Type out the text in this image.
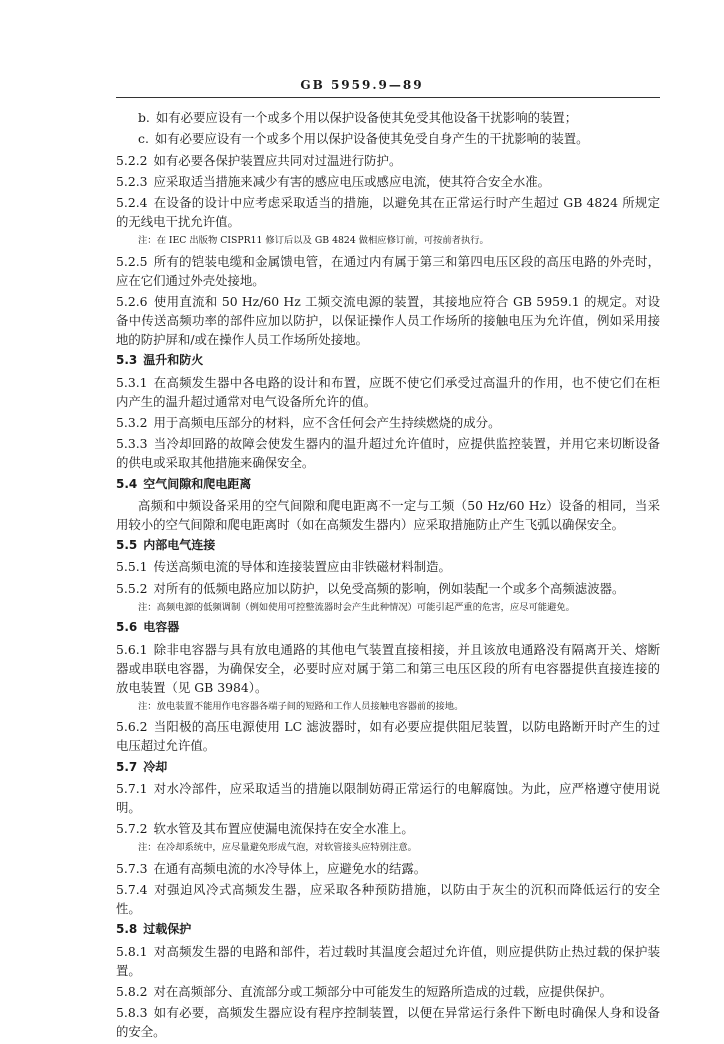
GB 5959.9—89

b. 如有必要应设有一个或多个用以保护设备使其免受其他设备干扰影响的装置；

c. 如有必要应设有一个或多个用以保护设备使其免受自身产生的干扰影响的装置。

5.2.2 如有必要各保护装置应共同对过温进行防护。

5.2.3 应采取适当措施来减少有害的感应电压或感应电流，使其符合安全水准。

5.2.4 在设备的设计中应考虑采取适当的措施，以避免其在正常运行时产生超过 GB 4824 所规定的无线电干扰允许值。

注：在 IEC 出版物 CISPR11 修订后以及 GB 4824 做相应修订前，可按前者执行。

5.2.5 所有的铠装电缆和金属馈电管，在通过内有属于第三和第四电压区段的高压电路的外壳时，应在它们通过外壳处接地。

5.2.6 使用直流和 50 Hz/60 Hz 工频交流电源的装置，其接地应符合 GB 5959.1 的规定。对设备中传送高频功率的部件应加以防护，以保证操作人员工作场所的接触电压为允许值，例如采用接地的防护屏和/或在操作人员工作场所处接地。

5.3 温升和防火

5.3.1 在高频发生器中各电路的设计和布置，应既不使它们承受过高温升的作用，也不使它们在柜内产生的温升超过通常对电气设备所允许的值。

5.3.2 用于高频电压部分的材料，应不含任何会产生持续燃烧的成分。

5.3.3 当冷却回路的故障会使发生器内的温升超过允许值时，应提供监控装置，并用它来切断设备的供电或采取其他措施来确保安全。

5.4 空气间隙和爬电距离

高频和中频设备采用的空气间隙和爬电距离不一定与工频（50 Hz/60 Hz）设备的相同，当采用较小的空气间隙和爬电距离时（如在高频发生器内）应采取措施防止产生飞弧以确保安全。

5.5 内部电气连接

5.5.1 传送高频电流的导体和连接装置应由非铁磁材料制造。

5.5.2 对所有的低频电路应加以防护，以免受高频的影响，例如装配一个或多个高频滤波器。

注：高频电源的低频调制（例如使用可控整流器时会产生此种情况）可能引起严重的危害，应尽可能避免。

5.6 电容器

5.6.1 除非电容器与具有放电通路的其他电气装置直接相接，并且该放电通路没有隔离开关、熔断器或串联电容器，为确保安全，必要时应对属于第二和第三电压区段的所有电容器提供直接连接的放电装置（见 GB 3984）。

注：放电装置不能用作电容器各端子间的短路和工作人员接触电容器前的接地。

5.6.2 当阳极的高压电源使用 LC 滤波器时，如有必要应提供阻尼装置，以防电路断开时产生的过电压超过允许值。

5.7 冷却

5.7.1 对水冷部件，应采取适当的措施以限制妨碍正常运行的电解腐蚀。为此，应严格遵守使用说明。

5.7.2 软水管及其布置应使漏电流保持在安全水准上。

注：在冷却系统中，应尽量避免形成气泡，对软管接头应特别注意。

5.7.3 在通有高频电流的水冷导体上，应避免水的结露。

5.7.4 对强迫风冷式高频发生器，应采取各种预防措施，以防由于灰尘的沉积而降低运行的安全性。

5.8 过载保护

5.8.1 对高频发生器的电路和部件，若过载时其温度会超过允许值，则应提供防止热过载的保护装置。

5.8.2 对在高频部分、直流部分或工频部分中可能发生的短路所造成的过载，应提供保护。

5.8.3 如有必要，高频发生器应设有程序控制装置，以便在异常运行条件下断电时确保人身和设备的安全。
